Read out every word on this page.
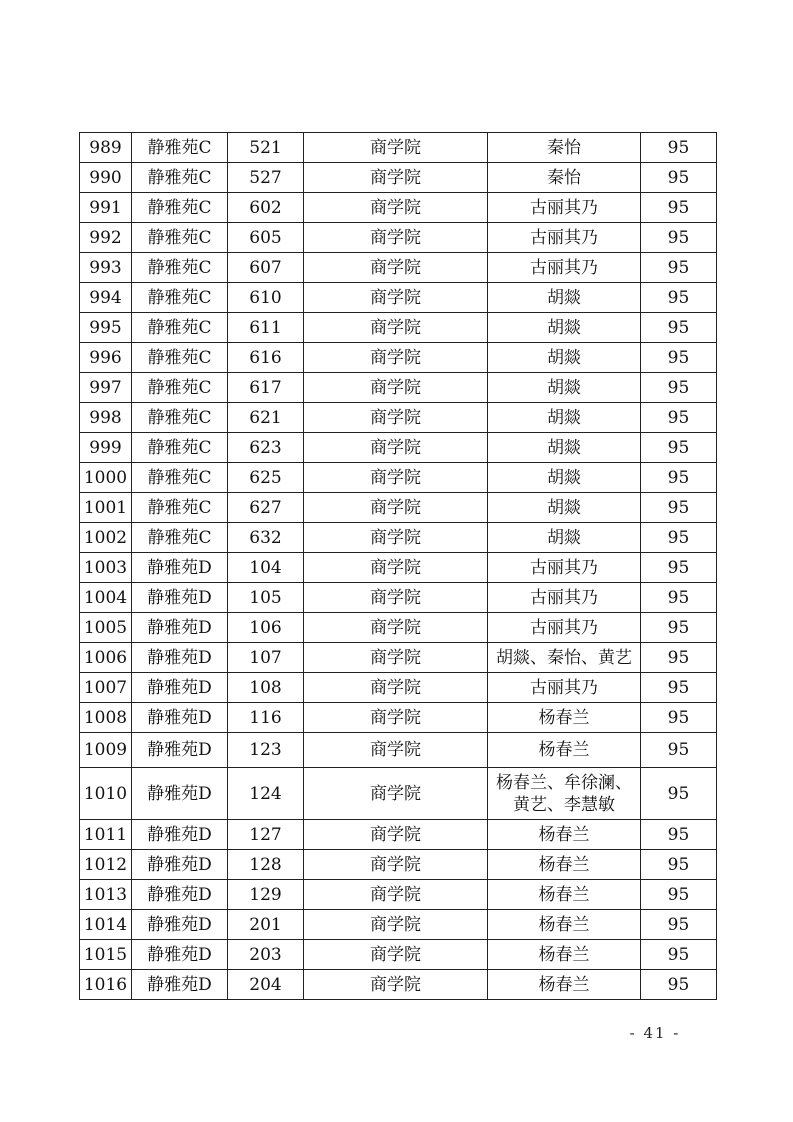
989	静雅苑C	521	商学院	秦怡	95
990	静雅苑C	527	商学院	秦怡	95
991	静雅苑C	602	商学院	古丽其乃	95
992	静雅苑C	605	商学院	古丽其乃	95
993	静雅苑C	607	商学院	古丽其乃	95
994	静雅苑C	610	商学院	胡燚	95
995	静雅苑C	611	商学院	胡燚	95
996	静雅苑C	616	商学院	胡燚	95
997	静雅苑C	617	商学院	胡燚	95
998	静雅苑C	621	商学院	胡燚	95
999	静雅苑C	623	商学院	胡燚	95
1000	静雅苑C	625	商学院	胡燚	95
1001	静雅苑C	627	商学院	胡燚	95
1002	静雅苑C	632	商学院	胡燚	95
1003	静雅苑D	104	商学院	古丽其乃	95
1004	静雅苑D	105	商学院	古丽其乃	95
1005	静雅苑D	106	商学院	古丽其乃	95
1006	静雅苑D	107	商学院	胡燚、秦怡、黄艺	95
1007	静雅苑D	108	商学院	古丽其乃	95
1008	静雅苑D	116	商学院	杨春兰	95
1009	静雅苑D	123	商学院	杨春兰	95
1010	静雅苑D	124	商学院	杨春兰、牟徐澜、
黄艺、李慧敏	95
1011	静雅苑D	127	商学院	杨春兰	95
1012	静雅苑D	128	商学院	杨春兰	95
1013	静雅苑D	129	商学院	杨春兰	95
1014	静雅苑D	201	商学院	杨春兰	95
1015	静雅苑D	203	商学院	杨春兰	95
1016	静雅苑D	204	商学院	杨春兰	95
- 41 -
